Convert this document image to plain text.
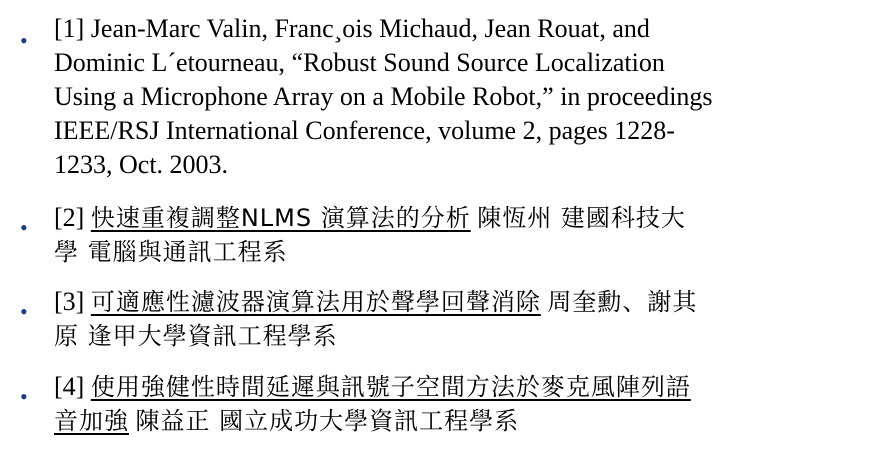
•
[1] Jean-Marc Valin, Franc¸ois Michaud, Jean Rouat, and
Dominic L´etourneau, “Robust Sound Source Localization
Using a Microphone Array on a Mobile Robot,” in proceedings
IEEE/RSJ International Conference, volume 2, pages 1228-
1233, Oct. 2003.
•
[2] 快速重複調整NLMS 演算法的分析 陳恆州 建國科技大
學 電腦與通訊工程系
•
[3] 可適應性濾波器演算法用於聲學回聲消除 周奎勳、謝其
原 逢甲大學資訊工程學系
•
[4] 使用強健性時間延遲與訊號子空間方法於麥克風陣列語
音加強 陳益正 國立成功大學資訊工程學系
